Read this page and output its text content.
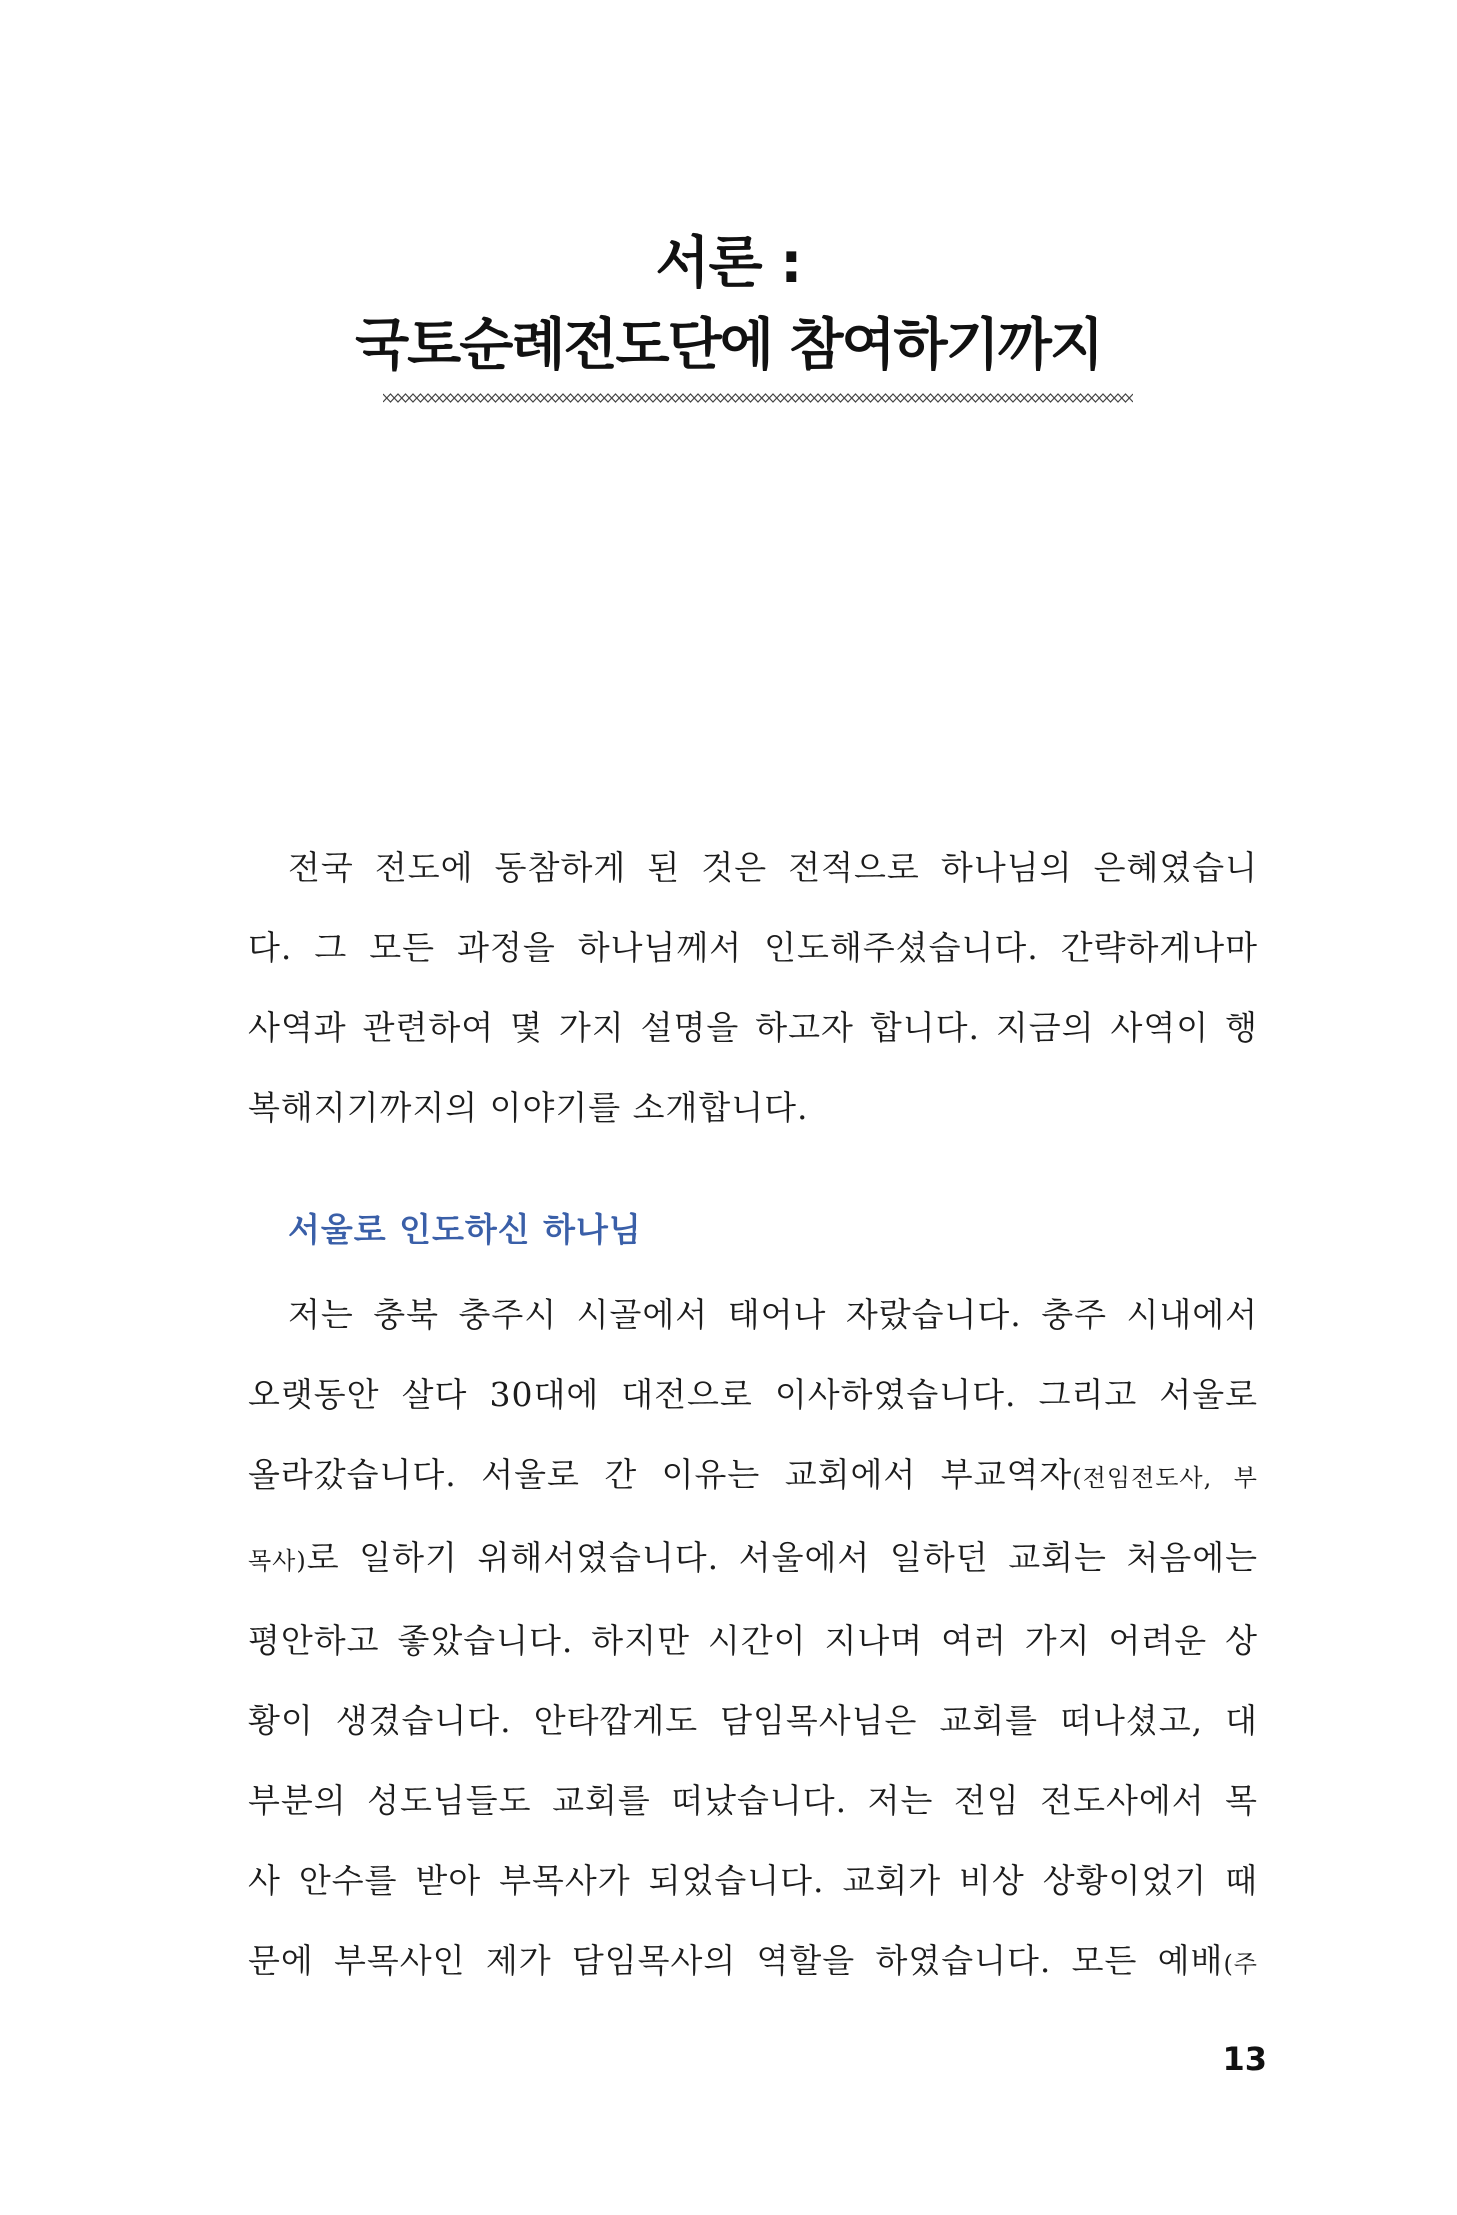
서론 :
국토순례전도단에 참여하기까지
전국 전도에 동참하게 된 것은 전적으로 하나님의 은혜였습니
다. 그 모든 과정을 하나님께서 인도해주셨습니다. 간략하게나마
사역과 관련하여 몇 가지 설명을 하고자 합니다. 지금의 사역이 행
복해지기까지의 이야기를 소개합니다.
서울로 인도하신 하나님
저는 충북 충주시 시골에서 태어나 자랐습니다. 충주 시내에서
오랫동안 살다 30대에 대전으로 이사하였습니다. 그리고 서울로
올라갔습니다. 서울로 간 이유는 교회에서 부교역자(전임전도사, 부
목사)로 일하기 위해서였습니다. 서울에서 일하던 교회는 처음에는
평안하고 좋았습니다. 하지만 시간이 지나며 여러 가지 어려운 상
황이 생겼습니다. 안타깝게도 담임목사님은 교회를 떠나셨고, 대
부분의 성도님들도 교회를 떠났습니다. 저는 전임 전도사에서 목
사 안수를 받아 부목사가 되었습니다. 교회가 비상 상황이었기 때
문에 부목사인 제가 담임목사의 역할을 하였습니다. 모든 예배(주
13
